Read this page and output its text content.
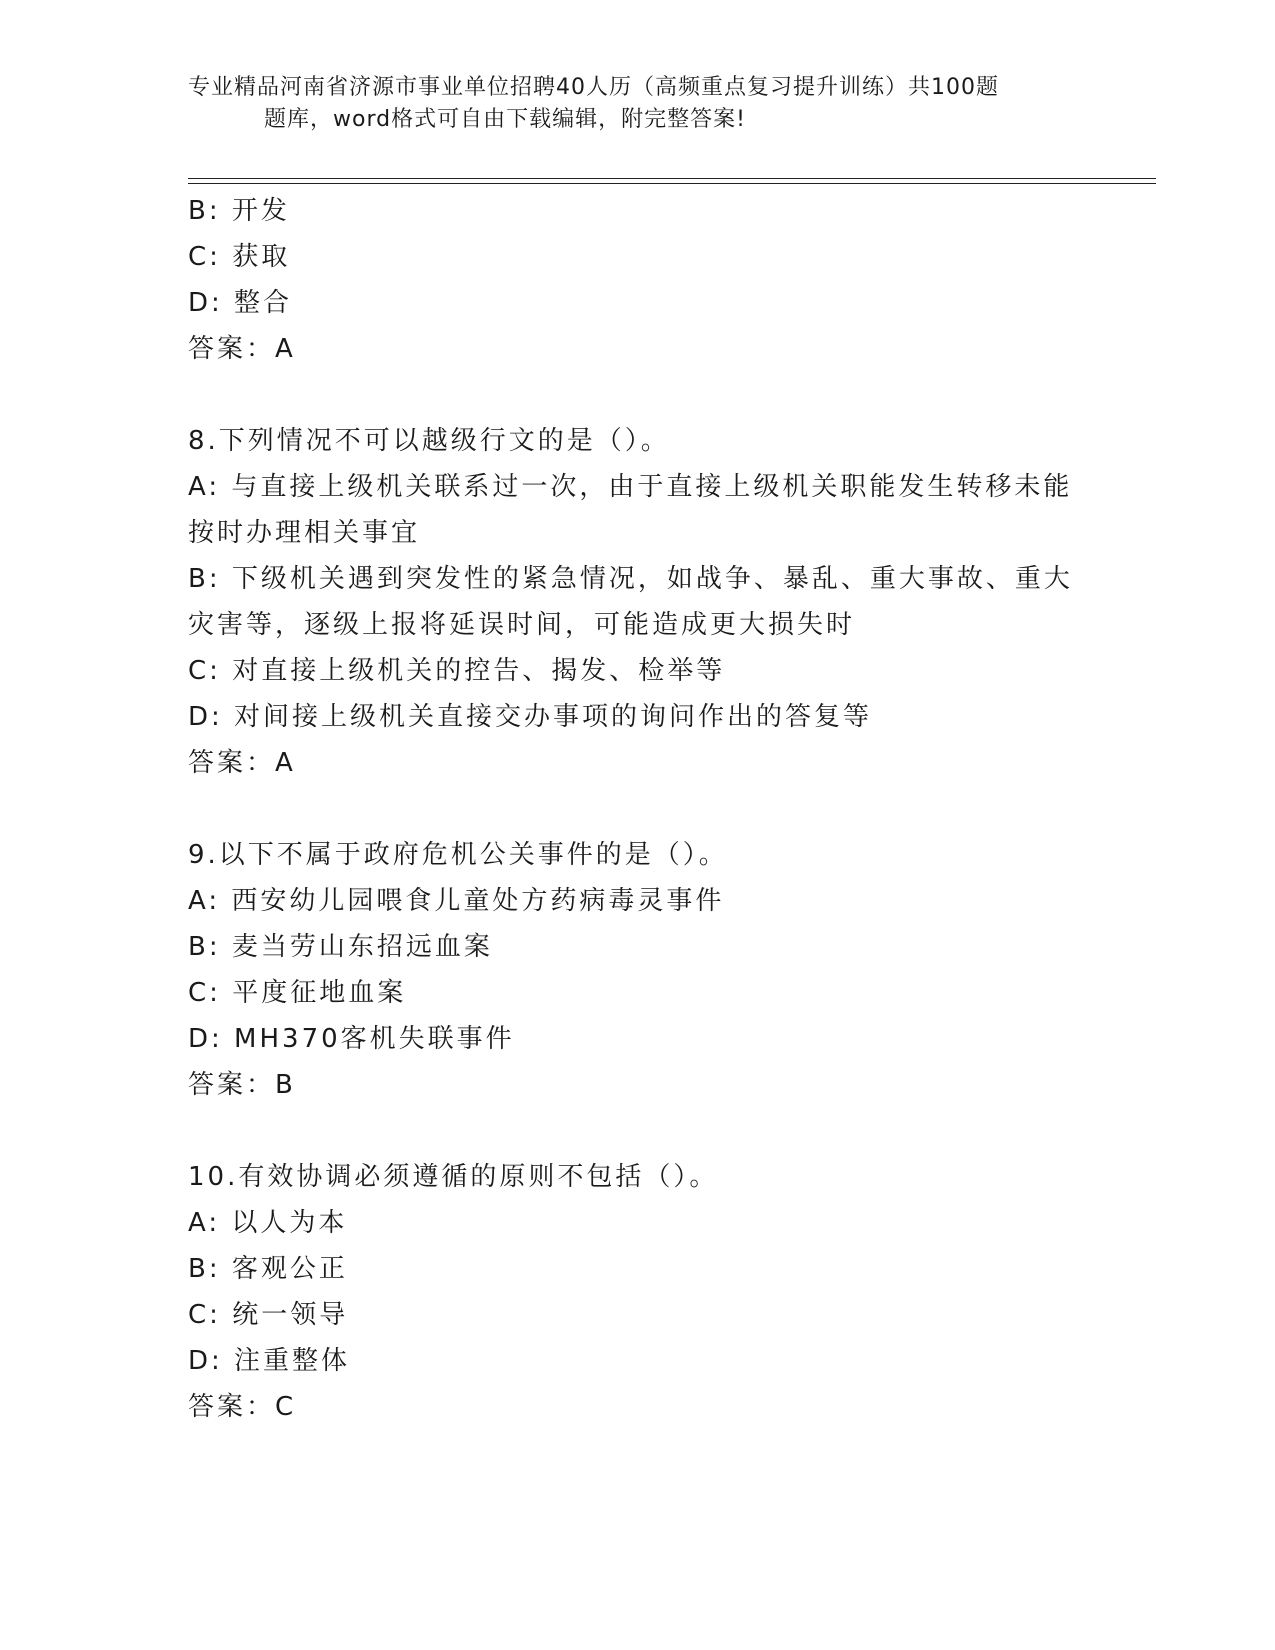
专业精品河南省济源市事业单位招聘40人历（高频重点复习提升训练）共100题
题库，word格式可自由下载编辑，附完整答案!
B: 开发
C: 获取
D: 整合
答案：A
8.下列情况不可以越级行文的是（）。
A: 与直接上级机关联系过一次，由于直接上级机关职能发生转移未能
按时办理相关事宜
B: 下级机关遇到突发性的紧急情况，如战争、暴乱、重大事故、重大
灾害等，逐级上报将延误时间，可能造成更大损失时
C: 对直接上级机关的控告、揭发、检举等
D: 对间接上级机关直接交办事项的询问作出的答复等
答案：A
9.以下不属于政府危机公关事件的是（）。
A: 西安幼儿园喂食儿童处方药病毒灵事件
B: 麦当劳山东招远血案
C: 平度征地血案
D: MH370客机失联事件
答案：B
10.有效协调必须遵循的原则不包括（）。
A: 以人为本
B: 客观公正
C: 统一领导
D: 注重整体
答案：C
